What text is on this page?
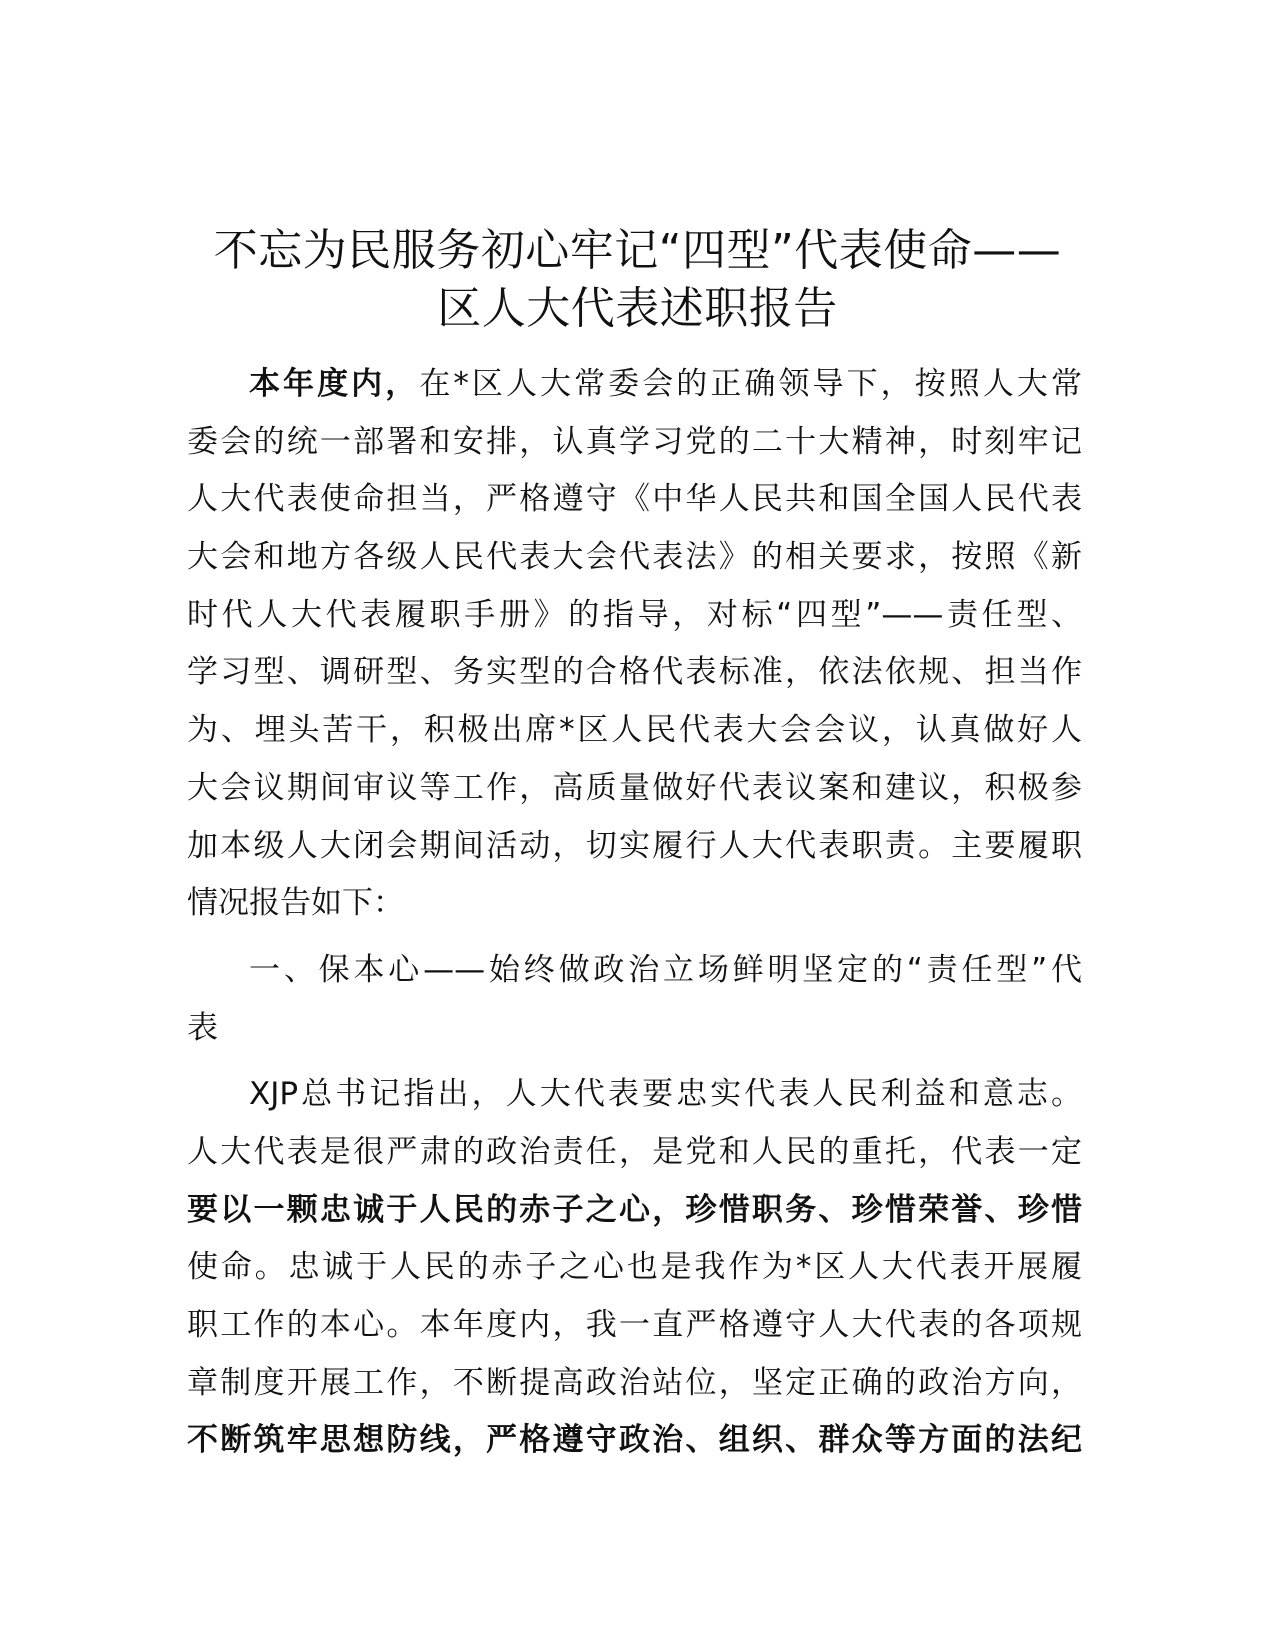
不忘为民服务初心牢记“四型”代表使命——
区人大代表述职报告
本年度内，在*区人大常委会的正确领导下，按照人大常
委会的统一部署和安排，认真学习党的二十大精神，时刻牢记
人大代表使命担当，严格遵守《中华人民共和国全国人民代表
大会和地方各级人民代表大会代表法》的相关要求，按照《新
时代人大代表履职手册》的指导，对标“四型”——责任型、
学习型、调研型、务实型的合格代表标准，依法依规、担当作
为、埋头苦干，积极出席*区人民代表大会会议，认真做好人
大会议期间审议等工作，高质量做好代表议案和建议，积极参
加本级人大闭会期间活动，切实履行人大代表职责。主要履职
情况报告如下：
一、保本心——始终做政治立场鲜明坚定的“责任型”代
表
XJP总书记指出，人大代表要忠实代表人民利益和意志。
人大代表是很严肃的政治责任，是党和人民的重托，代表一定
要以一颗忠诚于人民的赤子之心，珍惜职务、珍惜荣誉、珍惜
使命。忠诚于人民的赤子之心也是我作为*区人大代表开展履
职工作的本心。本年度内，我一直严格遵守人大代表的各项规
章制度开展工作，不断提高政治站位，坚定正确的政治方向，
不断筑牢思想防线，严格遵守政治、组织、群众等方面的法纪
